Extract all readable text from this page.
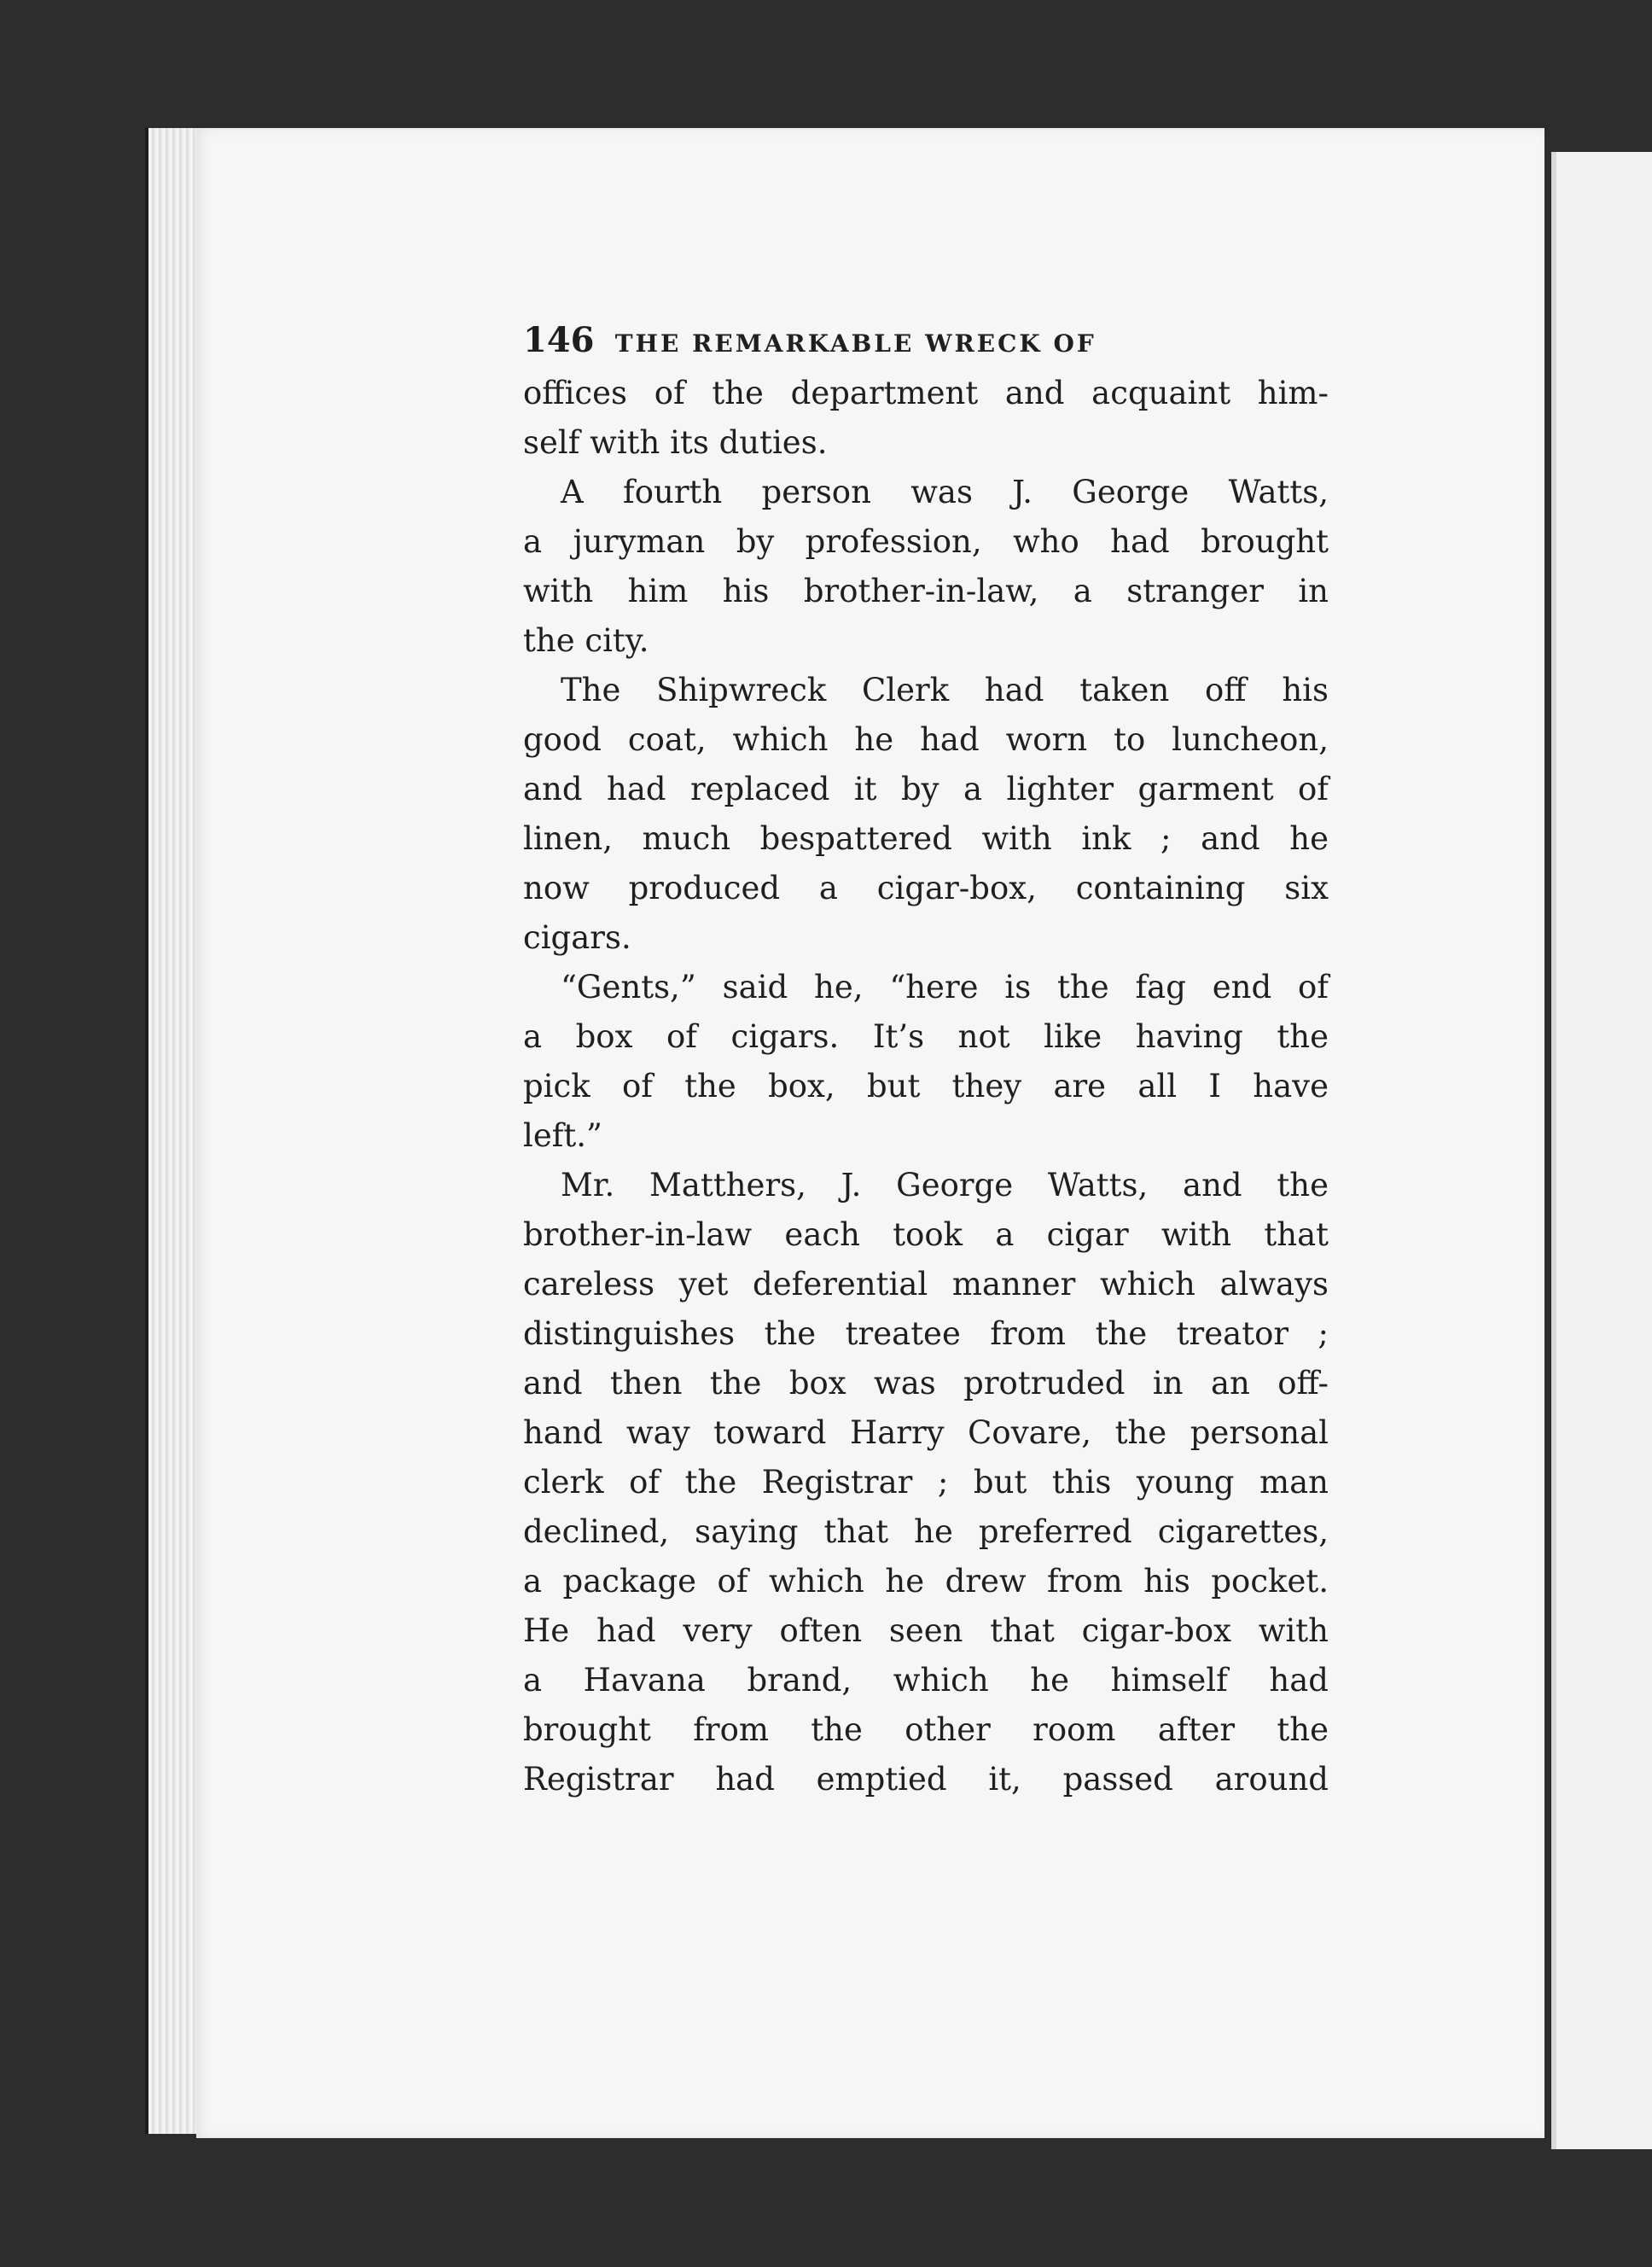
146 THE REMARKABLE WRECK OF
offices of the department and acquaint him-
self with its duties.
A fourth person was J. George Watts,
a juryman by profession, who had brought
with him his brother-in-law, a stranger in
the city.
The Shipwreck Clerk had taken off his
good coat, which he had worn to luncheon,
and had replaced it by a lighter garment of
linen, much bespattered with ink ; and he
now produced a cigar-box, containing six
cigars.
“Gents,” said he, “here is the fag end of
a box of cigars. It’s not like having the
pick of the box, but they are all I have
left.”
Mr. Matthers, J. George Watts, and the
brother-in-law each took a cigar with that
careless yet deferential manner which always
distinguishes the treatee from the treator ;
and then the box was protruded in an off-
hand way toward Harry Covare, the personal
clerk of the Registrar ; but this young man
declined, saying that he preferred cigarettes,
a package of which he drew from his pocket.
He had very often seen that cigar-box with
a Havana brand, which he himself had
brought from the other room after the
Registrar had emptied it, passed around
